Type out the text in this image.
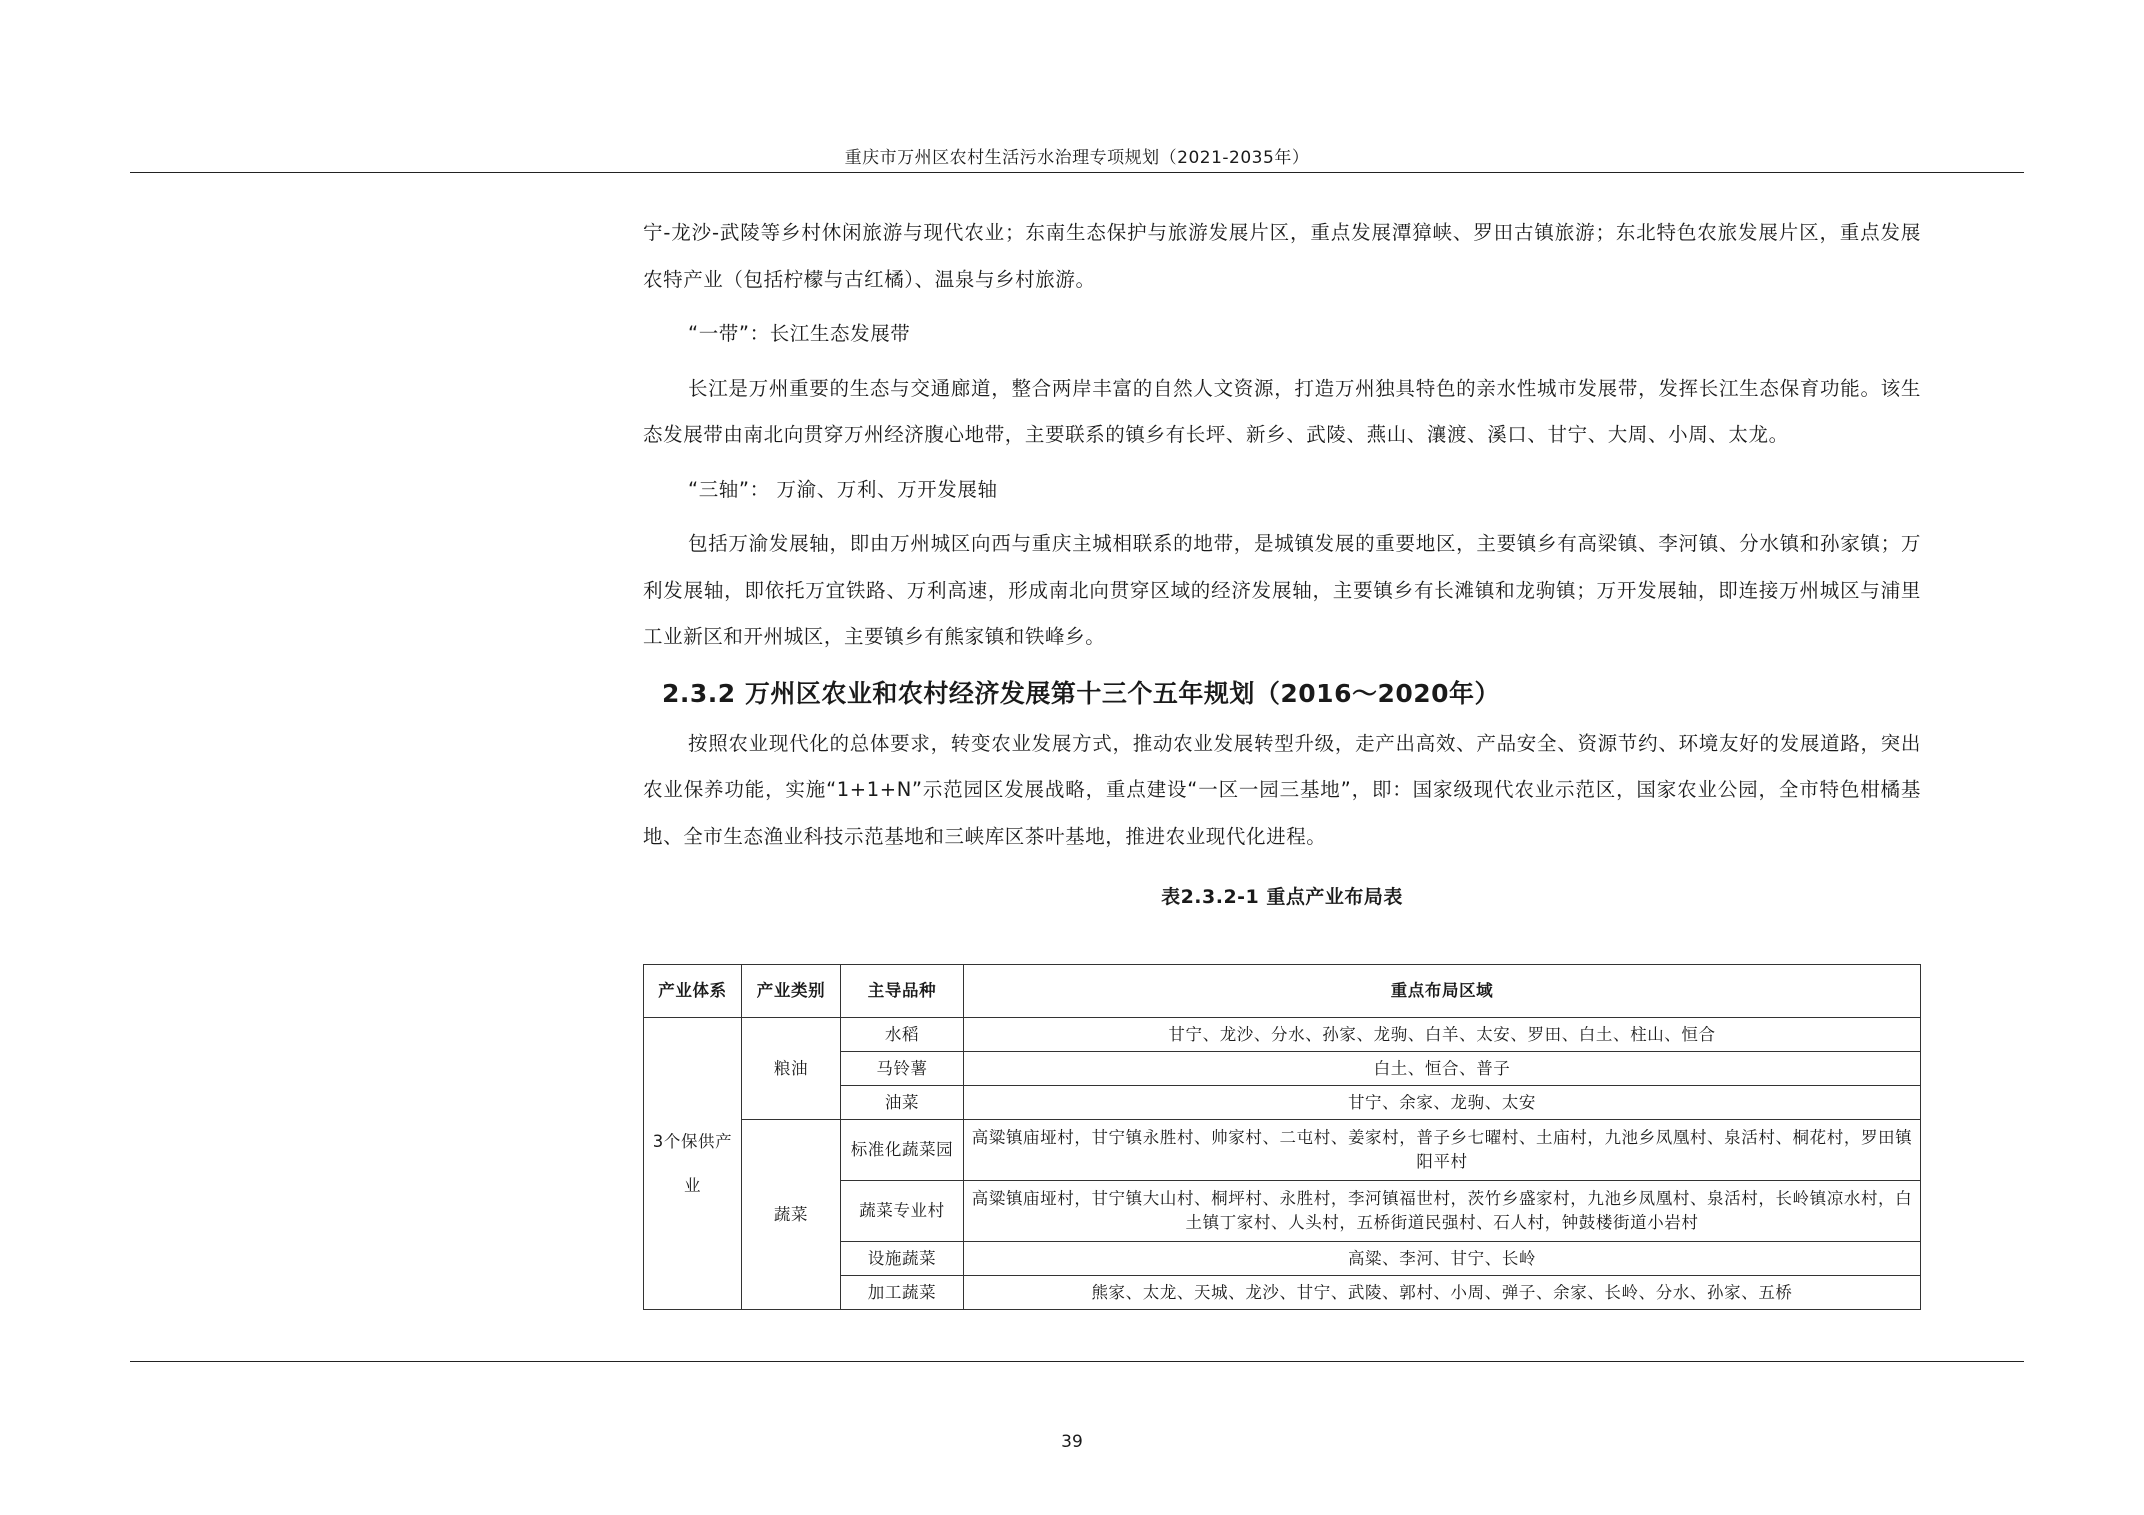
重庆市万州区农村生活污水治理专项规划（2021-2035年）

宁-龙沙-武陵等乡村休闲旅游与现代农业；东南生态保护与旅游发展片区，重点发展潭獐峡、罗田古镇旅游；东北特色农旅发展片区，重点发展农特产业（包括柠檬与古红橘）、温泉与乡村旅游。

“一带”：长江生态发展带

长江是万州重要的生态与交通廊道，整合两岸丰富的自然人文资源，打造万州独具特色的亲水性城市发展带，发挥长江生态保育功能。该生态发展带由南北向贯穿万州经济腹心地带，主要联系的镇乡有长坪、新乡、武陵、燕山、瀼渡、溪口、甘宁、大周、小周、太龙。

“三轴”： 万渝、万利、万开发展轴

包括万渝发展轴，即由万州城区向西与重庆主城相联系的地带，是城镇发展的重要地区，主要镇乡有高梁镇、李河镇、分水镇和孙家镇；万利发展轴，即依托万宜铁路、万利高速，形成南北向贯穿区域的经济发展轴，主要镇乡有长滩镇和龙驹镇；万开发展轴，即连接万州城区与浦里工业新区和开州城区，主要镇乡有熊家镇和铁峰乡。

2.3.2 万州区农业和农村经济发展第十三个五年规划（2016～2020年）

按照农业现代化的总体要求，转变农业发展方式，推动农业发展转型升级，走产出高效、产品安全、资源节约、环境友好的发展道路，突出农业保养功能，实施“1+1+N”示范园区发展战略，重点建设“一区一园三基地”，即：国家级现代农业示范区，国家农业公园，全市特色柑橘基地、全市生态渔业科技示范基地和三峡库区茶叶基地，推进农业现代化进程。

表2.3.2-1 重点产业布局表
产业体系	产业类别	主导品种	重点布局区域
3个保供产业	粮油	水稻	甘宁、龙沙、分水、孙家、龙驹、白羊、太安、罗田、白土、柱山、恒合
		马铃薯	白土、恒合、普子
		油菜	甘宁、余家、龙驹、太安
	蔬菜	标准化蔬菜园	高粱镇庙垭村，甘宁镇永胜村、帅家村、二屯村、姜家村，普子乡七曜村、土庙村，九池乡凤凰村、泉活村、桐花村，罗田镇阳平村
		蔬菜专业村	高粱镇庙垭村，甘宁镇大山村、桐坪村、永胜村，李河镇福世村，茨竹乡盛家村，九池乡凤凰村、泉活村，长岭镇凉水村，白土镇丁家村、人头村，五桥街道民强村、石人村，钟鼓楼街道小岩村
		设施蔬菜	高粱、李河、甘宁、长岭
		加工蔬菜	熊家、太龙、天城、龙沙、甘宁、武陵、郭村、小周、弹子、余家、长岭、分水、孙家、五桥
39
